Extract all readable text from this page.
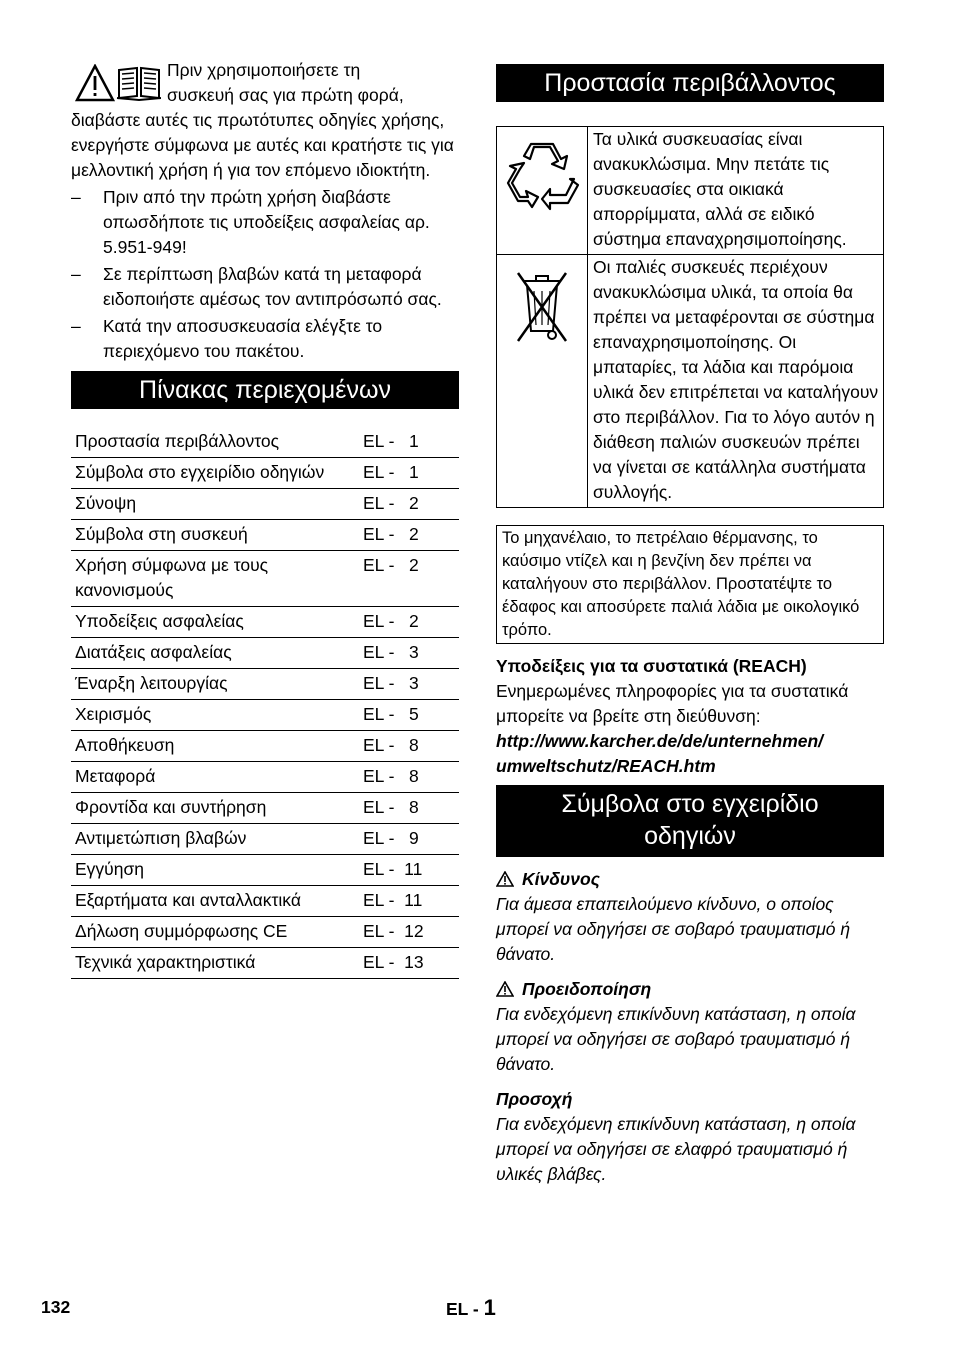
Πριν χρησιμοποιήσετε τη

συσκευή σας για πρώτη φορά,

διαβάστε αυτές τις πρωτότυπες οδηγίες χρήσης, ενεργήστε σύμφωνα με αυτές και κρατήστε τις για μελλοντική χρήση ή για τον επόμενο ιδιοκτήτη.

– Πριν από την πρώτη χρήση διαβάστε οπωσδήποτε τις υποδείξεις ασφαλείας αρ. 5.951-949!
– Σε περίπτωση βλαβών κατά τη μεταφορά ειδοποιήστε αμέσως τον αντιπρόσωπό σας.
– Κατά την αποσυσκευασία ελέγξτε το περιεχόμενο του πακέτου.
Πίνακας περιεχομένων
Προστασία περιβάλλοντος	EL -   1
Σύμβολα στο εγχειρίδιο οδηγιών	EL -   1
Σύνοψη	EL -   2
Σύμβολα στη συσκευή	EL -   2
Χρήση σύμφωνα με τους κανονισμούς	EL -   2
Υποδείξεις ασφαλείας	EL -   2
Διατάξεις ασφαλείας	EL -   3
Έναρξη λειτουργίας	EL -   3
Χειρισμός	EL -   5
Αποθήκευση	EL -   8
Μεταφορά	EL -   8
Φροντίδα και συντήρηση	EL -   8
Αντιμετώπιση βλαβών	EL -   9
Εγγύηση	EL -  11
Εξαρτήματα και ανταλλακτικά	EL -  11
Δήλωση συμμόρφωσης CE	EL -  12
Τεχνικά χαρακτηριστικά	EL -  13
Προστασία περιβάλλοντος
	Τα υλικά συσκευασίας είναι ανακυκλώσιμα. Μην πετάτε τις συσκευασίες στα οικιακά απορρίμματα, αλλά σε ειδικό σύστημα επαναχρησιμοποίησης.
	Οι παλιές συσκευές περιέχουν ανακυκλώσιμα υλικά, τα οποία θα πρέπει να μεταφέρονται σε σύστημα επαναχρησιμοποίησης. Οι μπαταρίες, τα λάδια και παρόμοια υλικά δεν επιτρέπεται να καταλήγουν στο περιβάλλον. Για το λόγο αυτόν η διάθεση παλιών συσκευών πρέπει να γίνεται σε κατάλληλα συστήματα συλλογής.
Το μηχανέλαιο, το πετρέλαιο θέρμανσης, το καύσιμο ντίζελ και η βενζίνη δεν πρέπει να καταλήγουν στο περιβάλλον. Προστατέψτε το έδαφος και αποσύρετε παλιά λάδια με οικολογικό τρόπο.

Υποδείξεις για τα συστατικά (REACH)

Ενημερωμένες πληροφορίες για τα συστατικά μπορείτε να βρείτε στη διεύθυνση:

http://www.karcher.de/de/unternehmen/

umweltschutz/REACH.htm

Σύμβολα στο εγχειρίδιο
οδηγιών

Κίνδυνος

Για άμεσα επαπειλούμενο κίνδυνο, ο οποίος μπορεί να οδηγήσει σε σοβαρό τραυματισμό ή θάνατο.

Προειδοποίηση

Για ενδεχόμενη επικίνδυνη κατάσταση, η οποία μπορεί να οδηγήσει σε σοβαρό τραυματισμό ή θάνατο.

Προσοχή

Για ενδεχόμενη επικίνδυνη κατάσταση, η οποία μπορεί να οδηγήσει σε ελαφρό τραυματισμό ή υλικές βλάβες.

132	EL - 1
